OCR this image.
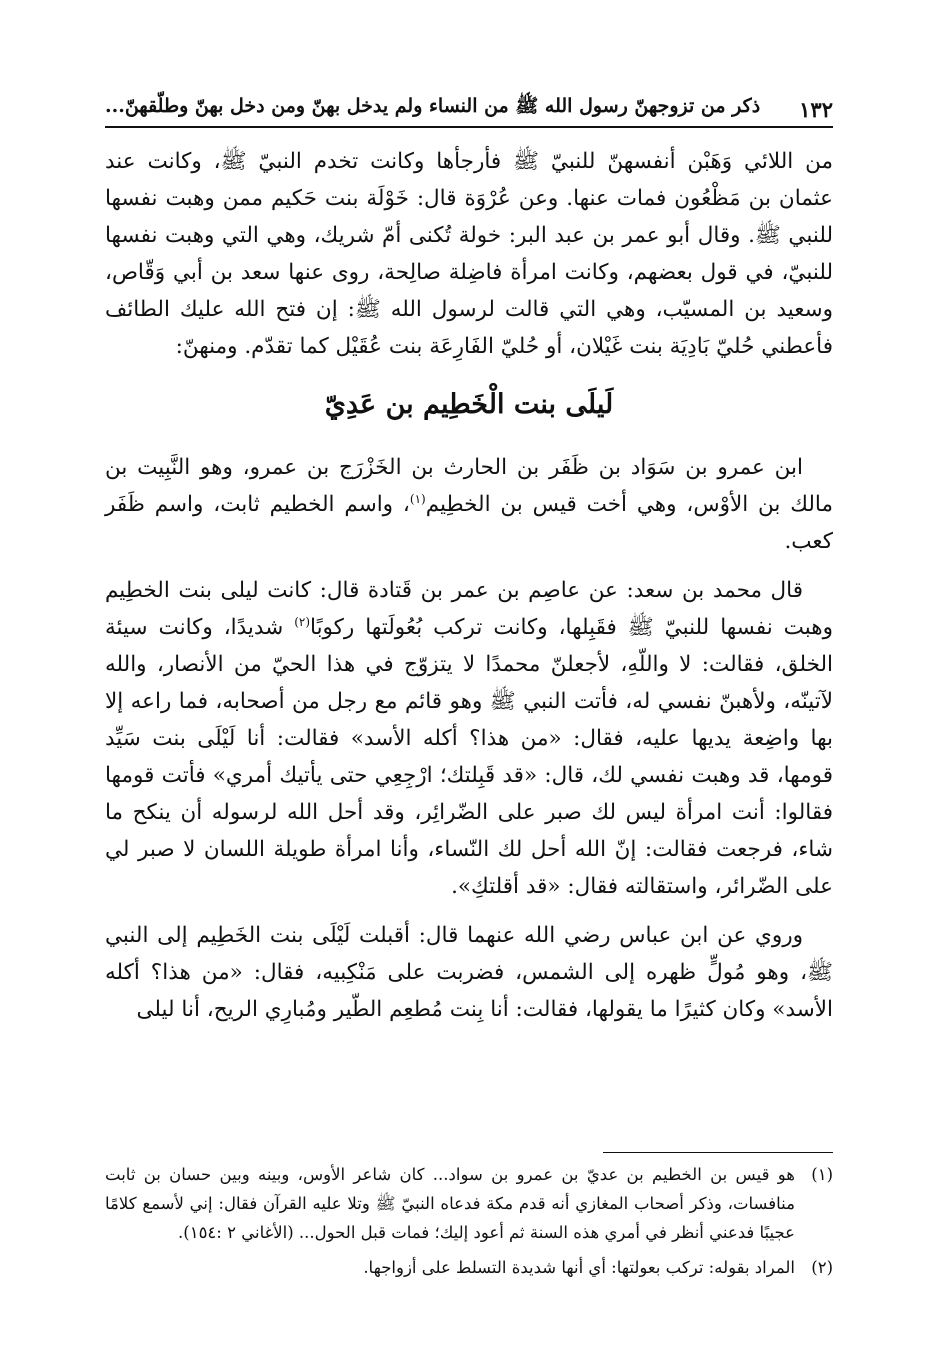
١٣٢
ذكر من تزوجهنّ رسول الله ﷺ من النساء ولم يدخل بهنّ ومن دخل بهنّ وطلّقهنّ...

من اللائي وَهَبْن أنفسهنّ للنبيّ ﷺ فأرجأها وكانت تخدم النبيّ ﷺ، وكانت عند عثمان بن مَظْعُون فمات عنها. وعن عُرْوَة قال: خَوْلَة بنت حَكيم ممن وهبت نفسها للنبي ﷺ. وقال أبو عمر بن عبد البر: خولة تُكنى أمّ شريك، وهي التي وهبت نفسها للنبيّ، في قول بعضهم، وكانت امرأة فاضِلة صالِحة، روى عنها سعد بن أبي وَقّاص، وسعيد بن المسيّب، وهي التي قالت لرسول الله ﷺ: إن فتح الله عليك الطائف فأعطني حُليّ بَادِيَة بنت غَيْلان، أو حُليّ الفَارِعَة بنت عُقَيْل كما تقدّم. ومنهنّ:

لَيلَى بنت الْخَطِيم بن عَدِيّ

ابن عمرو بن سَوَاد بن ظَفَر بن الحارث بن الخَزْرَج بن عمرو، وهو النَّبِيت بن مالك بن الأوْس، وهي أخت قيس بن الخطِيم$^{(١)}$، واسم الخطيم ثابت، واسم ظَفَر كعب.

قال محمد بن سعد: عن عاصِم بن عمر بن قَتادة قال: كانت ليلى بنت الخطِيم وهبت نفسها للنبيّ ﷺ فقَبِلها، وكانت تركب بُعُولَتها ركوبًا$^{(٢)}$ شديدًا، وكانت سيئة الخلق، فقالت: لا واللّهِ، لأجعلنّ محمدًا لا يتزوّج في هذا الحيّ من الأنصار، والله لآتينّه، ولأهبنّ نفسي له، فأتت النبي ﷺ وهو قائم مع رجل من أصحابه، فما راعه إلا بها واضِعة يديها عليه، فقال: «من هذا؟ أكله الأسد» فقالت: أنا لَيْلَى بنت سَيِّد قومها، قد وهبت نفسي لك، قال: «قد قَبِلتك؛ ارْجِعِي حتى يأتيك أمري» فأتت قومها فقالوا: أنت امرأة ليس لك صبر على الضّرائِر، وقد أحل الله لرسوله أن ينكح ما شاء، فرجعت فقالت: إنّ الله أحل لك النّساء، وأنا امرأة طويلة اللسان لا صبر لي على الضّرائر، واستقالته فقال: «قد أقلتكِ».

وروي عن ابن عباس رضي الله عنهما قال: أقبلت لَيْلَى بنت الخَطِيم إلى النبي ﷺ، وهو مُولٍّ ظهره إلى الشمس، فضربت على مَنْكِبيه، فقال: «من هذا؟ أكله الأسد» وكان كثيرًا ما يقولها، فقالت: أنا بِنت مُطعِم الطّير ومُبارِي الريح، أنا ليلى

(١)
هو قيس بن الخطيم بن عديّ بن عمرو بن سواد... كان شاعر الأوس، وبينه وبين حسان بن ثابت منافسات، وذكر أصحاب المغازي أنه قدم مكة فدعاه النبيّ ﷺ وتلا عليه القرآن فقال: إني لأسمع كلامًا عجيبًا فدعني أنظر في أمري هذه السنة ثم أعود إليك؛ فمات قبل الحول... (الأغاني ٢ :١٥٤).
(٢)
المراد بقوله: تركب بعولتها: أي أنها شديدة التسلط على أزواجها.
